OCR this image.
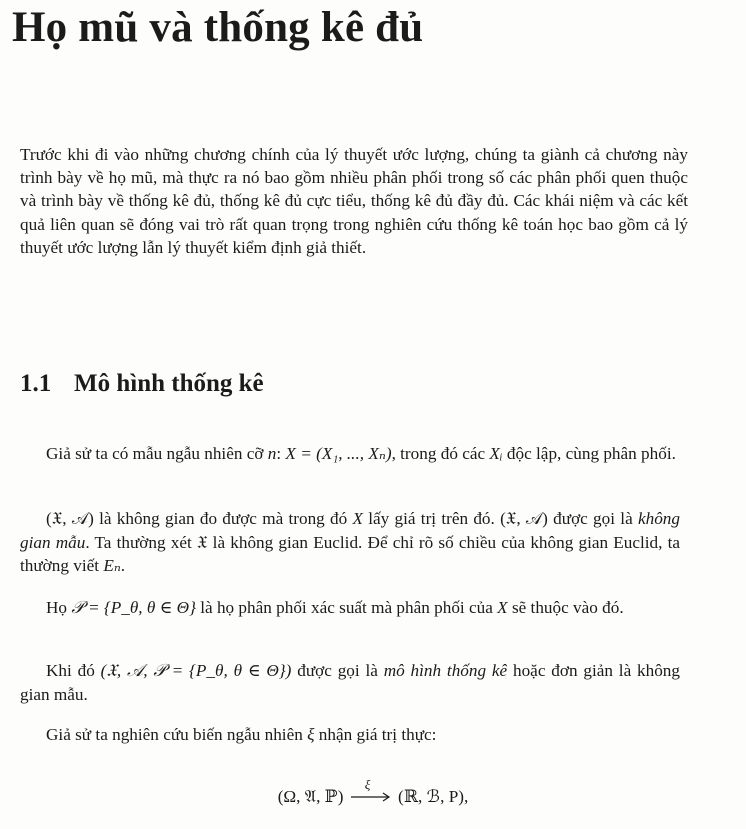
Họ mũ và thống kê đủ

Trước khi đi vào những chương chính của lý thuyết ước lượng, chúng ta giành cả chương này trình bày về họ mũ, mà thực ra nó bao gồm nhiều phân phối trong số các phân phối quen thuộc và trình bày về thống kê đủ, thống kê đủ cực tiểu, thống kê đủ đầy đủ. Các khái niệm và các kết quả liên quan sẽ đóng vai trò rất quan trọng trong nghiên cứu thống kê toán học bao gồm cả lý thuyết ước lượng lẫn lý thuyết kiểm định giả thiết.

1.1 Mô hình thống kê

Giả sử ta có mẫu ngẫu nhiên cỡ n: X = (X₁, ..., Xₙ), trong đó các Xᵢ độc lập, cùng phân phối.

(𝔛, 𝒜) là không gian đo được mà trong đó X lấy giá trị trên đó. (𝔛, 𝒜) được gọi là không gian mẫu. Ta thường xét 𝔛 là không gian Euclid. Để chỉ rõ số chiều của không gian Euclid, ta thường viết Eₙ.

Họ 𝒫 = {P_θ, θ ∈ Θ} là họ phân phối xác suất mà phân phối của X sẽ thuộc vào đó.

Khi đó (𝔛, 𝒜, 𝒫 = {P_θ, θ ∈ Θ}) được gọi là mô hình thống kê hoặc đơn giản là không gian mẫu.

Giả sử ta nghiên cứu biến ngẫu nhiên ξ nhận giá trị thực:

(Ω, 𝔄, ℙ)
ξ
(ℝ, ℬ, P),
